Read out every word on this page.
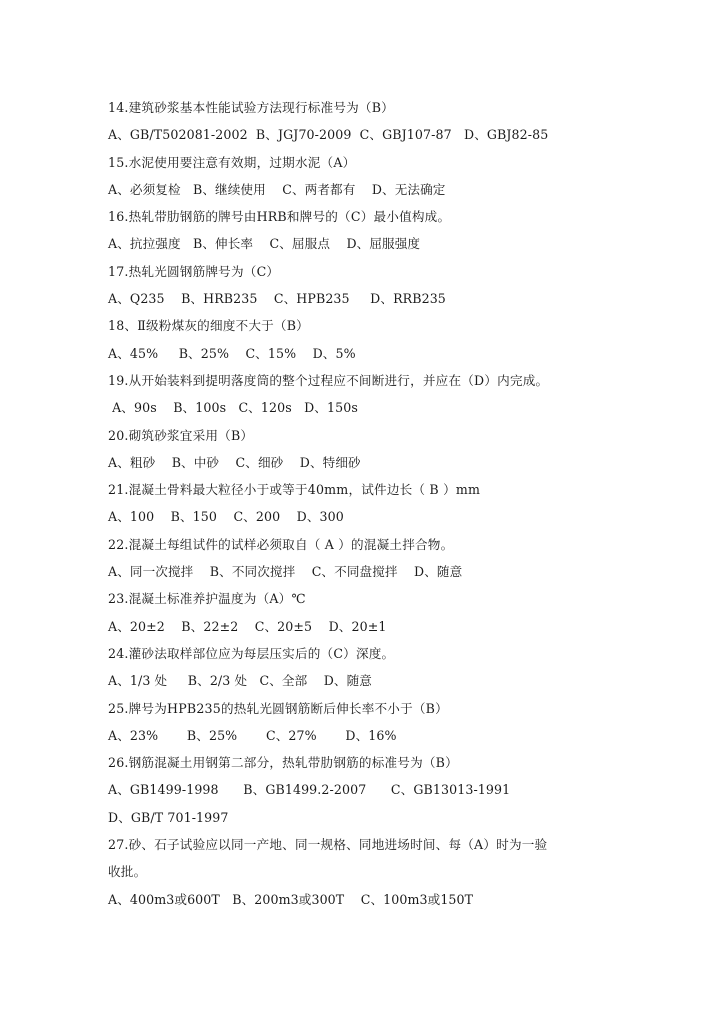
14.建筑砂浆基本性能试验方法现行标准号为（B）
A、GB/T502081-2002  B、JGJ70-2009  C、GBJ107-87   D、GBJ82-85
15.水泥使用要注意有效期，过期水泥（A）
A、必须复检   B、继续使用    C、两者都有    D、无法确定
16.热轧带肋钢筋的牌号由HRB和牌号的（C）最小值构成。
A、抗拉强度   B、伸长率    C、屈服点    D、屈服强度
17.热轧光圆钢筋牌号为（C）
A、Q235    B、HRB235    C、HPB235     D、RRB235
18、Ⅱ级粉煤灰的细度不大于（B）
A、45%     B、25%    C、15%    D、5%
19.从开始装料到提明落度筒的整个过程应不间断进行，并应在（D）内完成。
A、90s    B、100s   C、120s   D、150s
20.砌筑砂浆宜采用（B）
A、粗砂    B、中砂    C、细砂    D、特细砂
21.混凝土骨料最大粒径小于或等于40mm，试件边长（ B ）mm
A、100    B、150    C、200    D、300
22.混凝土每组试件的试样必须取自（ A ）的混凝土拌合物。
A、同一次搅拌    B、不同次搅拌    C、不同盘搅拌    D、随意
23.混凝土标准养护温度为（A）℃
A、20±2    B、22±2    C、20±5    D、20±1
24.灌砂法取样部位应为每层压实后的（C）深度。
A、1/3 处     B、2/3 处   C、全部    D、随意
25.牌号为HPB235的热轧光圆钢筋断后伸长率不小于（B）
A、23%       B、25%       C、27%       D、16%
26.钢筋混凝土用钢第二部分，热轧带肋钢筋的标准号为（B）
A、GB1499-1998      B、GB1499.2-2007      C、GB13013-1991
D、GB/T 701-1997
27.砂、石子试验应以同一产地、同一规格、同地进场时间、每（A）时为一验
收批。
A、400m3或600T   B、200m3或300T    C、100m3或150T
